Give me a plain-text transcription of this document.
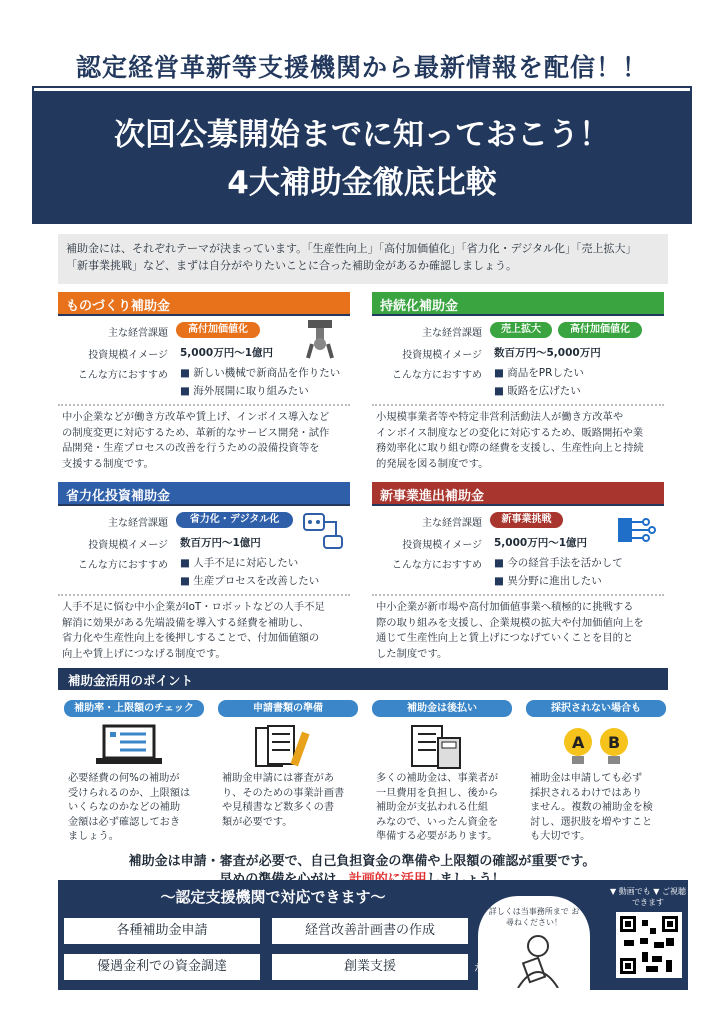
認定経営革新等支援機関から最新情報を配信！！
次回公募開始までに知っておこう！
4大補助金徹底比較
補助金には、それぞれテーマが決まっています。「生産性向上」「高付加価値化」「省力化・デジタル化」「売上拡大」
「新事業挑戦」など、まずは自分がやりたいことに合った補助金があるか確認しましょう。
ものづくり補助金
主な経営課題	高付加価値化
投資規模イメージ 5,000万円～1億円
こんな方におすすめ	■ 新しい機械で新商品を作りたい
■ 海外展開に取り組みたい
中小企業などが働き方改革や賃上げ、インボイス導入など
の制度変更に対応するため、革新的なサービス開発・試作
品開発・生産プロセスの改善を行うための設備投資等を
支援する制度です。
持続化補助金
主な経営課題	売上拡大	高付加価値化
投資規模イメージ 数百万円～5,000万円
こんな方におすすめ	■ 商品をPRしたい
■ 販路を広げたい
小規模事業者等や特定非営利活動法人が働き方改革や
インボイス制度などの変化に対応するため、販路開拓や業
務効率化に取り組む際の経費を支援し、生産性向上と持続
的発展を図る制度です。
省力化投資補助金
主な経営課題	省力化・デジタル化
投資規模イメージ 数百万円～1億円
こんな方におすすめ	■ 人手不足に対応したい
■ 生産プロセスを改善したい
人手不足に悩む中小企業がIoT・ロボットなどの人手不足
解消に効果がある先端設備を導入する経費を補助し、
省力化や生産性向上を後押しすることで、付加価値額の
向上や賃上げにつなげる制度です。
新事業進出補助金
主な経営課題	新事業挑戦
投資規模イメージ 5,000万円～1億円
こんな方におすすめ	■ 今の経営手法を活かして
■ 異分野に進出したい
中小企業が新市場や高付加価値事業へ積極的に挑戦する
際の取り組みを支援し、企業規模の拡大や付加価値向上を
通じて生産性向上と賃上げにつなげていくことを目的と
した制度です。
補助金活用のポイント
補助率・上限額のチェック
必要経費の何%の補助が
受けられるのか、上限額は
いくらなのかなどの補助
金額は必ず確認しておき
ましょう。
申請書類の準備
補助金申請には審査があ
り、そのための事業計画書
や見積書など数多くの書
類が必要です。
補助金は後払い
多くの補助金は、事業者が
一旦費用を負担し、後から
補助金が支払われる仕組
みなので、いったん資金を
準備する必要があります。
採択されない場合も
A B
補助金は申請しても必ず
採択されるわけではあり
ません。複数の補助金を検
討し、選択肢を増やすこと
も大切です。
補助金は申請・審査が必要で、自己負担資金の準備や上限額の確認が重要です。
～認定支援機関で対応できます～
各種補助金申請	経営改善計画書の作成
優遇金利での資金調達	創業支援
詳しくは当事務所まで お尋ねください！
など…
▼ 動画でも ▼ ご視聴できます
